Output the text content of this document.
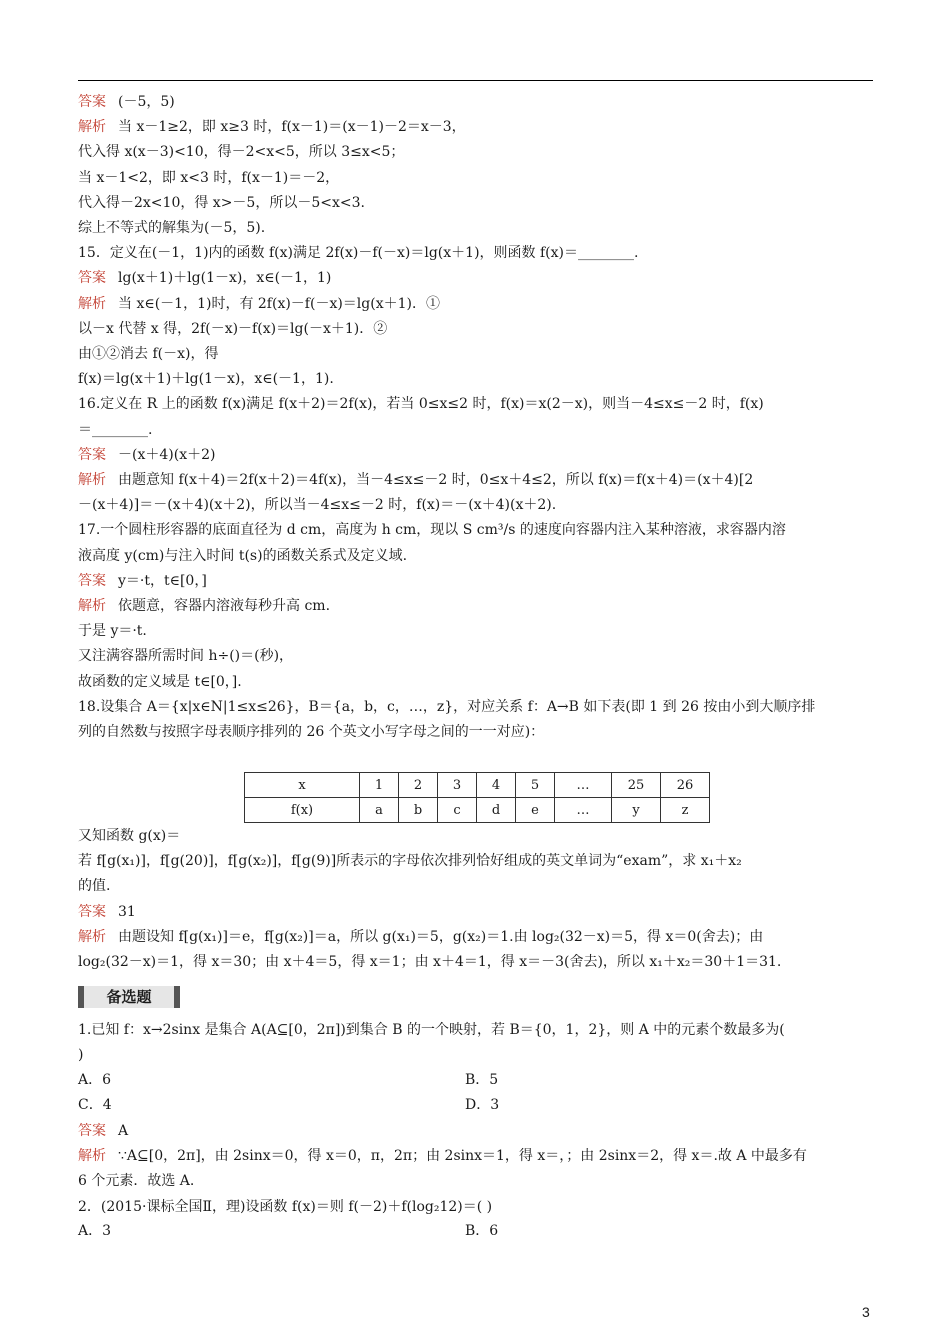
答案 (－5，5)
解析 当 x－1≥2，即 x≥3 时，f(x－1)＝(x－1)－2＝x－3，
代入得 x(x－3)<10，得－2<x<5，所以 3≤x<5；
当 x－1<2，即 x<3 时，f(x－1)＝－2，
代入得－2x<10，得 x>－5，所以－5<x<3.
综上不等式的解集为(－5，5).
15．定义在(－1，1)内的函数 f(x)满足 2f(x)－f(－x)＝lg(x＋1)，则函数 f(x)＝________.
答案 lg(x＋1)＋lg(1－x)，x∈(－1，1)
解析 当 x∈(－1，1)时，有 2f(x)－f(－x)＝lg(x＋1)．①
以－x 代替 x 得，2f(－x)－f(x)＝lg(－x＋1)．②
由①②消去 f(－x)，得
f(x)＝lg(x＋1)＋lg(1－x)，x∈(－1，1).
16.定义在 R 上的函数 f(x)满足 f(x＋2)＝2f(x)，若当 0≤x≤2 时，f(x)＝x(2－x)，则当－4≤x≤－2 时，f(x)
＝________.
答案 －(x＋4)(x＋2)
解析 由题意知 f(x＋4)＝2f(x＋2)＝4f(x)，当－4≤x≤－2 时，0≤x＋4≤2，所以 f(x)＝f(x＋4)＝(x＋4)[2
－(x＋4)]＝－(x＋4)(x＋2)，所以当－4≤x≤－2 时，f(x)＝－(x＋4)(x＋2).
17.一个圆柱形容器的底面直径为 d cm，高度为 h cm，现以 S cm³/s 的速度向容器内注入某种溶液，求容器内溶
液高度 y(cm)与注入时间 t(s)的函数关系式及定义域.
答案 y＝·t，t∈[0，]
解析 依题意，容器内溶液每秒升高 cm.
于是 y＝·t.
又注满容器所需时间 h÷()＝(秒)，
故函数的定义域是 t∈[0，].
18.设集合 A＝{x|x∈N|1≤x≤26}，B＝{a，b，c，…，z}，对应关系 f：A→B 如下表(即 1 到 26 按由小到大顺序排
列的自然数与按照字母表顺序排列的 26 个英文小写字母之间的一一对应)：
又知函数 g(x)＝
若 f[g(x₁)]，f[g(20)]，f[g(x₂)]，f[g(9)]所表示的字母依次排列恰好组成的英文单词为“exam”，求 x₁＋x₂
的值.
答案 31
解析 由题设知 f[g(x₁)]＝e，f[g(x₂)]＝a，所以 g(x₁)＝5，g(x₂)＝1.由 log₂(32－x)＝5，得 x＝0(舍去)；由
log₂(32－x)＝1，得 x＝30；由 x＋4＝5，得 x＝1；由 x＋4＝1，得 x＝－3(舍去)，所以 x₁＋x₂＝30＋1＝31.
1.已知 f：x→2sinx 是集合 A(A⊆[0，2π])到集合 B 的一个映射，若 B＝{0，1，2}，则 A 中的元素个数最多为(
)
A．6	B．5
C．4	D．3
答案 A
解析 ∵A⊆[0，2π]，由 2sinx＝0，得 x＝0，π，2π；由 2sinx＝1，得 x＝，；由 2sinx＝2，得 x＝.故 A 中最多有
6 个元素．故选 A.
2．(2015·课标全国Ⅱ，理)设函数 f(x)＝则 f(－2)＋f(log₂12)＝( )
A．3	B．6
x	1	2	3	4	5	…	25	26
f(x)	a	b	c	d	e	…	y	z
备选题
3
